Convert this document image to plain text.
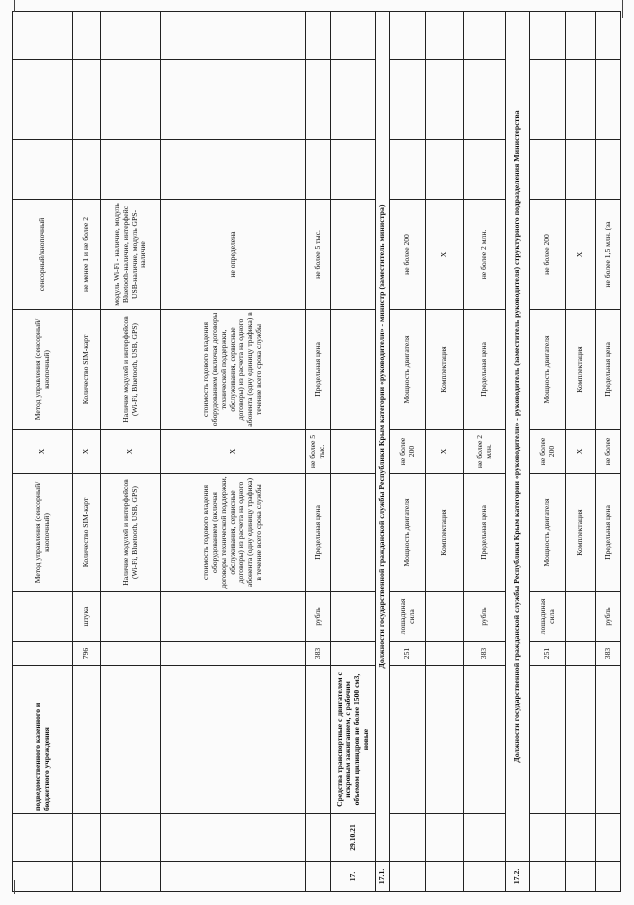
		подведомственного казенного и бюджетного учреждения			Метод управления (сенсорный/кнопочный)	X	Метод управления (сенсорный/кнопочный)	сенсорный/кнопочный			
			796	штука	Количество SIM-карт	X	Количество SIM-карт	не менее 1 и не более 2			
					Наличие модулей и интерфейсов (Wi-Fi, Bluetooth, USB, GPS)	X	Наличие модулей и интерфейсов (Wi-Fi, Bluetooth, USB, GPS)	модуль Wi-Fi - наличие, модуль Bluetooth-наличие, интерфейс USB-наличие, модуль GPS-наличие			
					стоимость годового владения оборудованием (включая договоры технической поддержки, обслуживания, сервисные договоры) из расчета на одного абонента (одну единицу трафика) в течение всего срока службы	X	стоимость годового владения оборудованием (включая договоры технической поддержки, обслуживания, сервисные договоры) из расчета на одного абонента (одну единицу трафика) в течение всего срока службы	не определена			
			383	рубль	Предельная цена	не более 5 тыс.	Предельная цена	не более 5 тыс.			
17.	29.10.21	Средства транспортные с двигателем с искровым зажиганием, с рабочим объемом цилиндров не более 1500 см3, новые									
17.1.	Должности государственной гражданской службы Республики Крым категории «руководители» - министр (заместитель министра)										
			251	лошадиная сила	Мощность двигателя	не более 200	Мощность двигателя	не более 200			
					Комплектация	X	Комплектация	X			
			383	рубль	Предельная цена	не более 2 млн.	Предельная цена	не более 2 млн.			
17.2.	Должности государственной гражданской службы Республики Крым категории «руководители» - руководитель (заместитель руководителя) структурного подразделения Министерства										
			251	лошадиная сила	Мощность двигателя	не более 200	Мощность двигателя	не более 200			
					Комплектация	X	Комплектация	X			
			383	рубль	Предельная цена	не более	Предельная цена	не более 1,5 млн. (за			
